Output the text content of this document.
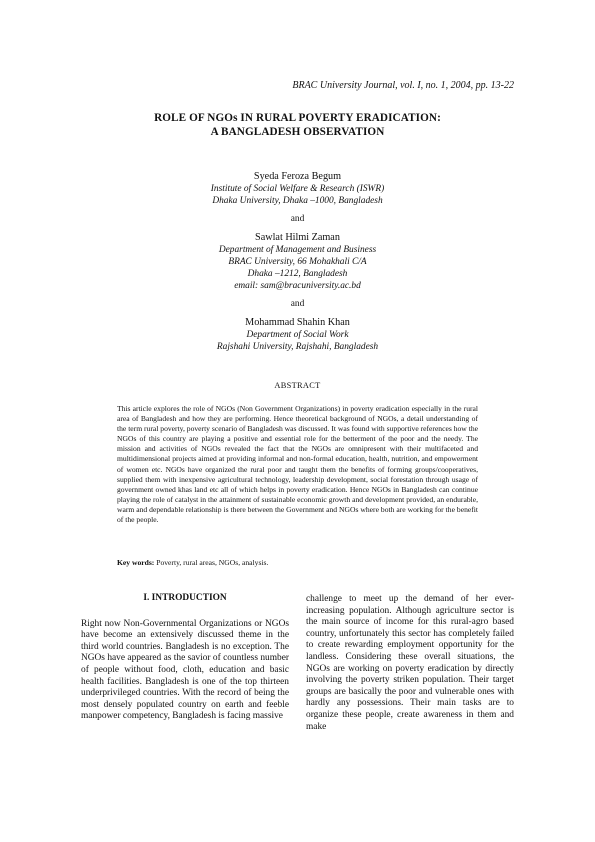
BRAC University Journal, vol. I, no. 1, 2004, pp. 13-22
ROLE OF NGOs IN RURAL POVERTY ERADICATION:
A BANGLADESH OBSERVATION
Syeda Feroza Begum
Institute of Social Welfare & Research (ISWR)
Dhaka University, Dhaka –1000, Bangladesh
and
Sawlat Hilmi Zaman
Department of Management and Business
BRAC University, 66 Mohakhali C/A
Dhaka –1212, Bangladesh
email: sam@bracuniversity.ac.bd
and
Mohammad Shahin Khan
Department of Social Work
Rajshahi University, Rajshahi, Bangladesh
ABSTRACT
This article explores the role of NGOs (Non Government Organizations) in poverty eradication especially in the rural area of Bangladesh and how they are performing. Hence theoretical background of NGOs, a detail understanding of the term rural poverty, poverty scenario of Bangladesh was discussed. It was found with supportive references how the NGOs of this country are playing a positive and essential role for the betterment of the poor and the needy. The mission and activities of NGOs revealed the fact that the NGOs are omnipresent with their multifaceted and multidimensional projects aimed at providing informal and non-formal education, health, nutrition, and empowerment of women etc. NGOs have organized the rural poor and taught them the benefits of forming groups/cooperatives, supplied them with inexpensive agricultural technology, leadership development, social forestation through usage of government owned khas land etc all of which helps in poverty eradication. Hence NGOs in Bangladesh can continue playing the role of catalyst in the attainment of sustainable economic growth and development provided, an endurable, warm and dependable relationship is there between the Government and NGOs where both are working for the benefit of the people.
Key words: Poverty, rural areas, NGOs, analysis.
I. INTRODUCTION

Right now Non-Governmental Organizations or NGOs have become an extensively discussed theme in the third world countries. Bangladesh is no exception. The NGOs have appeared as the savior of countless number of people without food, cloth, education and basic health facilities. Bangladesh is one of the top thirteen underprivileged countries. With the record of being the most densely populated country on earth and feeble manpower competency, Bangladesh is facing massive

challenge to meet up the demand of her ever-increasing population. Although agriculture sector is the main source of income for this rural-agro based country, unfortunately this sector has completely failed to create rewarding employment opportunity for the landless. Considering these overall situations, the NGOs are working on poverty eradication by directly involving the poverty striken population. Their target groups are basically the poor and vulnerable ones with hardly any possessions. Their main tasks are to organize these people, create awareness in them and make
